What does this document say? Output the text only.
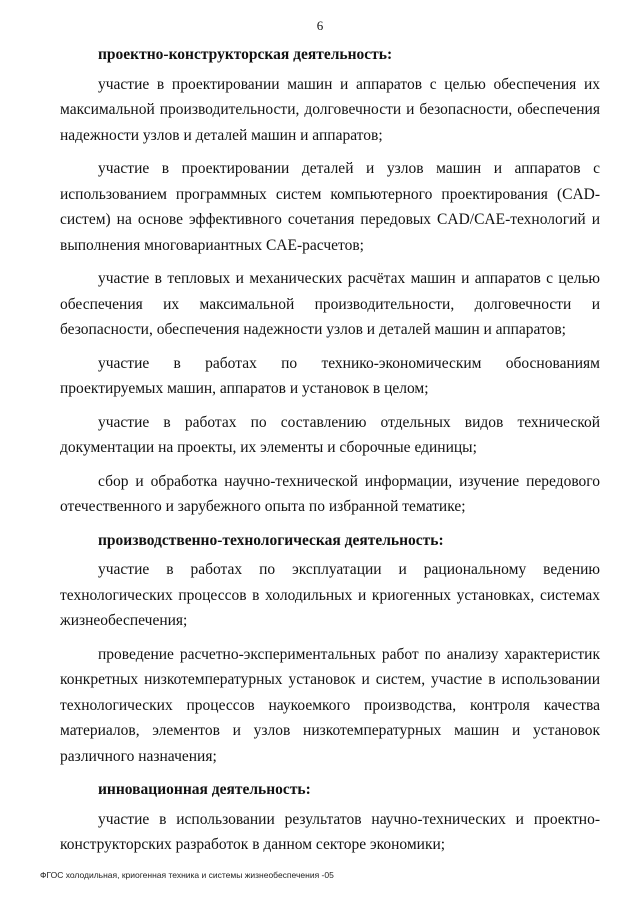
6

проектно-конструкторская деятельность:

участие в проектировании машин и аппаратов с целью обеспечения их максимальной производительности, долговечности и безопасности, обеспечения надежности узлов и деталей машин и аппаратов;

участие в проектировании деталей и узлов машин и аппаратов с использованием программных систем компьютерного проектирования (CAD-систем) на основе эффективного сочетания передовых CAD/CAE-технологий и выполнения многовариантных CAE-расчетов;

участие в тепловых и механических расчётах машин и аппаратов с целью обеспечения их максимальной производительности, долговечности и безопасности, обеспечения надежности узлов и деталей машин и аппаратов;

участие в работах по технико-экономическим обоснованиям проектируемых машин, аппаратов и установок в целом;

участие в работах по составлению отдельных видов технической документации на проекты, их элементы и сборочные единицы;

сбор и обработка научно-технической информации, изучение передового отечественного и зарубежного опыта по избранной тематике;

производственно-технологическая деятельность:

участие в работах по эксплуатации и рациональному ведению технологических процессов в холодильных и криогенных установках, системах жизнеобеспечения;

проведение расчетно-экспериментальных работ по анализу характеристик конкретных низкотемпературных установок и систем, участие в использовании технологических процессов наукоемкого производства, контроля качества материалов, элементов и узлов низкотемпературных машин и установок различного назначения;

инновационная деятельность:

участие в использовании результатов научно-технических и проектно-конструкторских разработок в данном секторе экономики;

ФГОС холодильная, криогенная техника и системы жизнеобеспечения -05
